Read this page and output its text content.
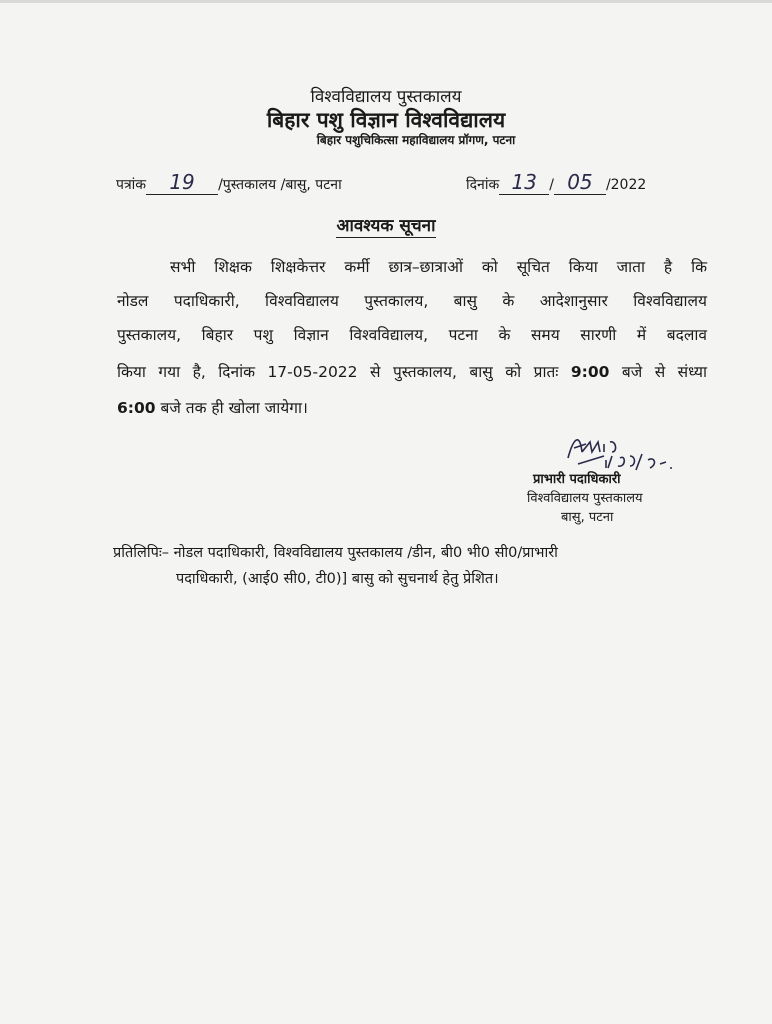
विश्वविद्यालय पुस्तकालय
बिहार पशु विज्ञान विश्वविद्यालय
बिहार पशुचिकित्सा महाविद्यालय प्रॉगण, पटना
पत्रांक 19 /पुस्तकालय /बासु, पटना	दिनांक 13 / 05 /2022
आवश्यक सूचना
सभी शिक्षक शिक्षकेत्तर कर्मी छात्र–छात्राओं को सूचित किया जाता है कि
नोडल पदाधिकारी, विश्वविद्यालय पुस्तकालय, बासु के आदेशानुसार विश्वविद्यालय
पुस्तकालय, बिहार पशु विज्ञान विश्वविद्यालय, पटना के समय सारणी में बदलाव
किया गया है, दिनांक 17-05-2022 से पुस्तकालय, बासु को प्रातः 9:00 बजे से संध्या
6:00 बजे तक ही खोला जायेगा।
प्राभारी पदाधिकारी
विश्वविद्यालय पुस्तकालय
बासु, पटना
प्रतिलिपिः– नोडल पदाधिकारी, विश्वविद्यालय पुस्तकालय /डीन, बी0 भी0 सी0/प्राभारी
पदाधिकारी, (आई0 सी0, टी0)] बासु को सुचनार्थ हेतु प्रेशित।
